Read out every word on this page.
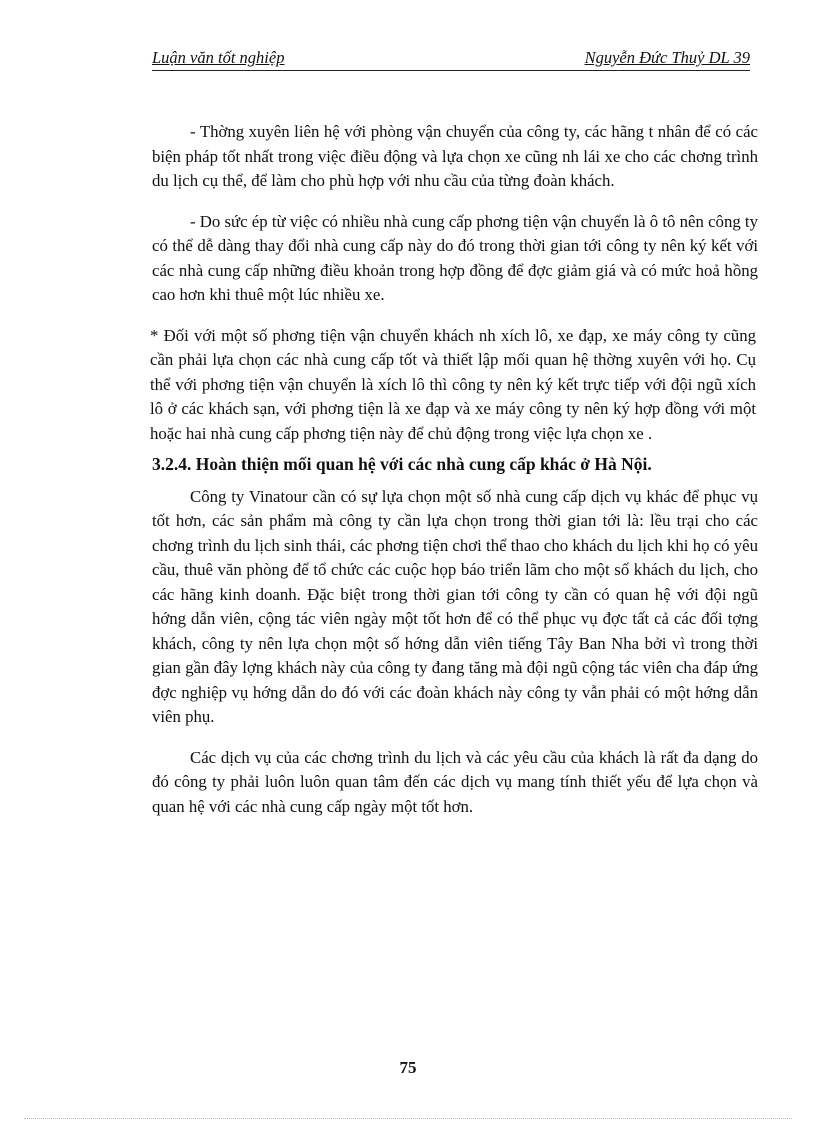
Luận văn tốt nghiệp	Nguyễn Đức Thuỷ DL 39

- Thờng xuyên liên hệ với phòng vận chuyển của công ty, các hãng t nhân để có các biện pháp tốt nhất trong việc điều động và lựa chọn xe cũng nh lái xe cho các chơng trình du lịch cụ thể, để làm cho phù hợp với nhu cầu của từng đoàn khách.

- Do sức ép từ việc có nhiều nhà cung cấp phơng tiện vận chuyển là ô tô nên công ty có thể dễ dàng thay đổi nhà cung cấp này do đó trong thời gian tới công ty nên ký kết với các nhà cung cấp những điều khoản trong hợp đồng để đợc giảm giá và có mức hoả hồng cao hơn khi thuê một lúc nhiều xe.

* Đối với một số phơng tiện vận chuyển khách nh xích lô, xe đạp, xe máy công ty cũng cần phải lựa chọn các nhà cung cấp tốt và thiết lập mối quan hệ thờng xuyên với họ. Cụ thể với phơng tiện vận chuyển là xích lô thì công ty nên ký kết trực tiếp với đội ngũ xích lô ở các khách sạn, với phơng tiện là xe đạp và xe máy công ty nên ký hợp đồng với một hoặc hai nhà cung cấp phơng tiện này để chủ động trong việc lựa chọn xe .

3.2.4. Hoàn thiện mối quan hệ với các nhà cung cấp khác ở Hà Nội.

Công ty Vinatour cần có sự lựa chọn một số nhà cung cấp dịch vụ khác để phục vụ tốt hơn, các sản phẩm mà công ty cần lựa chọn trong thời gian tới là: lều trại cho các chơng trình du lịch sinh thái, các phơng tiện chơi thể thao cho khách du lịch khi họ có yêu cầu, thuê văn phòng để tổ chức các cuộc họp báo triển lãm cho một số khách du lịch, cho các hãng kinh doanh. Đặc biệt trong thời gian tới công ty cần có quan hệ với đội ngũ hớng dẫn viên, cộng tác viên ngày một tốt hơn để có thể phục vụ đợc tất cả các đối tợng khách, công ty nên lựa chọn một số hớng dẫn viên tiếng Tây Ban Nha bởi vì trong thời gian gần đây lợng khách này của công ty đang tăng mà đội ngũ cộng tác viên cha đáp ứng đợc nghiệp vụ hớng dẫn do đó với các đoàn khách này công ty vẫn phải có một hớng dẫn viên phụ.

Các dịch vụ của các chơng trình du lịch và các yêu cầu của khách là rất đa dạng do đó công ty phải luôn luôn quan tâm đến các dịch vụ mang tính thiết yếu để lựa chọn và quan hệ với các nhà cung cấp ngày một tốt hơn.

75
